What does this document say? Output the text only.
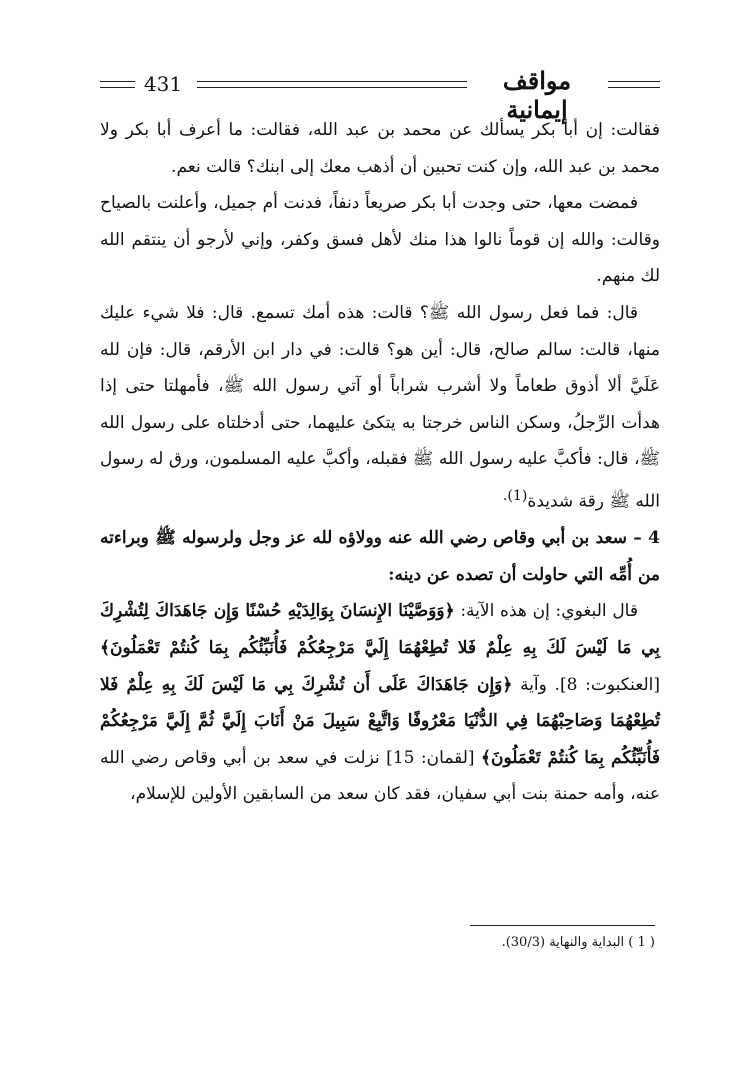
431	مواقف إيمانية

فقالت: إن أبا بكر يسألك عن محمد بن عبد الله، فقالت: ما أعرف أبا بكر ولا محمد بن عبد الله، وإن كنت تحبين أن أذهب معك إلى ابنك؟ قالت نعم.

فمضت معها، حتى وجدت أبا بكر صريعاً دنفاً، فدنت أم جميل، وأعلنت بالصياح وقالت: والله إن قوماً نالوا هذا منك لأهل فسق وكفر، وإني لأرجو أن ينتقم الله لك منهم.

قال: فما فعل رسول الله ﷺ؟ قالت: هذه أمك تسمع. قال: فلا شيء عليك منها، قالت: سالم صالح، قال: أين هو؟ قالت: في دار ابن الأرقم، قال: فإن لله عَلَيَّ ألا أذوق طعاماً ولا أشرب شراباً أو آتي رسول الله ﷺ، فأمهلتا حتى إذا هدأت الرِّجلُ، وسكن الناس خرجتا به يتكئ عليهما، حتى أدخلتاه على رسول الله ﷺ، قال: فأكبَّ عليه رسول الله ﷺ فقبله، وأكبَّ عليه المسلمون، ورق له رسول الله ﷺ رقة شديدة$^{(1).}$

4 – سعد بن أبي وقاص رضي الله عنه وولاؤه لله عز وجل ولرسوله ﷺ وبراءته من أُمِّه التي حاولت أن تصده عن دينه:

قال البغوي: إن هذه الآية: ﴿وَوَصَّيْنَا الإِنسَانَ بِوَالِدَيْهِ حُسْنًا وَإِن جَاهَدَاكَ لِتُشْرِكَ بِي مَا لَيْسَ لَكَ بِهِ عِلْمٌ فَلا تُطِعْهُمَا إِلَيَّ مَرْجِعُكُمْ فَأُنَبِّئُكُم بِمَا كُنتُمْ تَعْمَلُونَ﴾ [العنكبوت: 8]. وآية ﴿وَإِن جَاهَدَاكَ عَلَى أَن تُشْرِكَ بِي مَا لَيْسَ لَكَ بِهِ عِلْمٌ فَلا تُطِعْهُمَا وَصَاحِبْهُمَا فِي الدُّنْيَا مَعْرُوفًا وَاتَّبِعْ سَبِيلَ مَنْ أَنَابَ إِلَيَّ ثُمَّ إِلَيَّ مَرْجِعُكُمْ فَأُنَبِّئُكُم بِمَا كُنتُمْ تَعْمَلُونَ﴾ [لقمان: 15] نزلت في سعد بن أبي وقاص رضي الله عنه، وأمه حمنة بنت أبي سفيان، فقد كان سعد من السابقين الأولين للإسلام،

( 1 ) البداية والنهاية (30/3).
